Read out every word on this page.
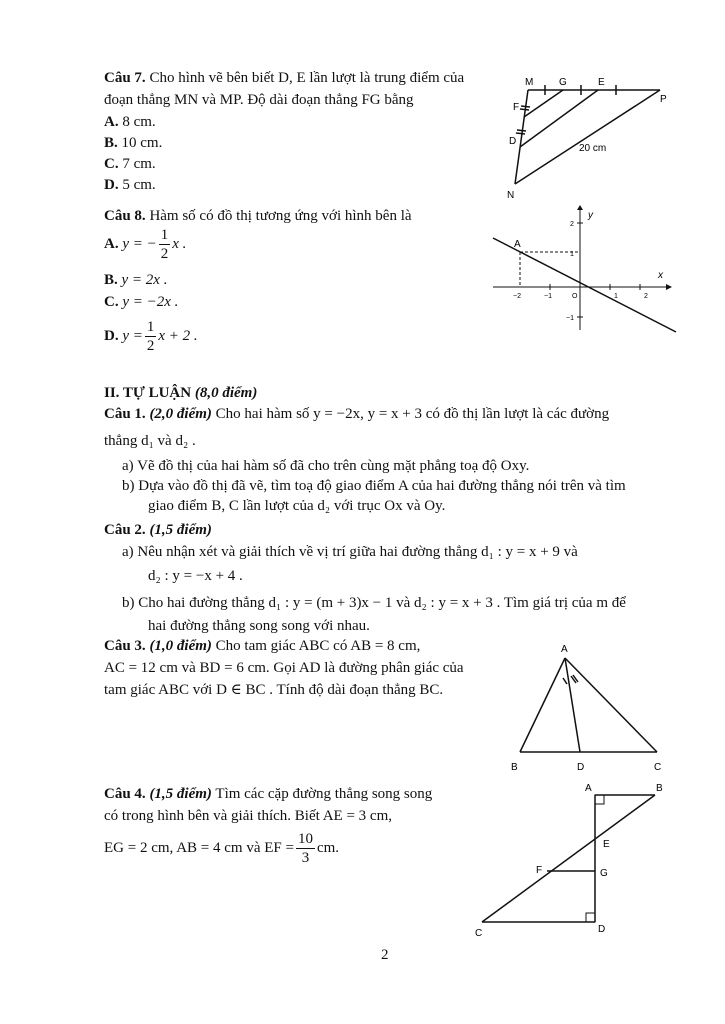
Câu 7. Cho hình vẽ bên biết D, E lần lượt là trung điểm của
đoạn thẳng MN và MP. Độ dài đoạn thẳng FG bằng
A. 8 cm.
B. 10 cm.
C. 7 cm.
D. 5 cm.
M	G	E
P
F
D
N
20 cm
Câu 8. Hàm số có đồ thị tương ứng với hình bên là
A. y = − $\frac{1}{2}$ x .
B. y = 2x .
C. y = −2x .
D. $y = \frac{1}{2}$ x + 2 .
A
x
y
−2	−1	O	1	2
2
1
−1
II. TỰ LUẬN (8,0 điểm)
Câu 1. (2,0 điểm) Cho hai hàm số y = −2x, y = x + 3 có đồ thị lần lượt là các đường
thẳng d₁ và d₂ .
a) Vẽ đồ thị của hai hàm số đã cho trên cùng mặt phẳng toạ độ Oxy.
b) Dựa vào đồ thị đã vẽ, tìm toạ độ giao điểm A của hai đường thẳng nói trên và tìm
giao điểm B, C lần lượt của d₂ với trục Ox và Oy.
Câu 2. (1,5 điểm)
a) Nêu nhận xét và giải thích về vị trí giữa hai đường thẳng d₁ : y = x + 9 và
d₂ : y = −x + 4 .
b) Cho hai đường thẳng d₁ : y = (m + 3)x − 1 và d₂ : y = x + 3 . Tìm giá trị của m để
hai đường thẳng song song với nhau.
Câu 3. (1,0 điểm) Cho tam giác ABC có AB = 8 cm,
AC = 12 cm và BD = 6 cm. Gọi AD là đường phân giác của
tam giác ABC với D ∈ BC . Tính độ dài đoạn thẳng BC.
A
B	D	C
Câu 4. (1,5 điểm) Tìm các cặp đường thẳng song song
có trong hình bên và giải thích. Biết AE = 3 cm,
EG = 2 cm, AB = 4 cm và EF = $\frac{10}{3}$ cm.
A	B
E
F	G
C	D
2
